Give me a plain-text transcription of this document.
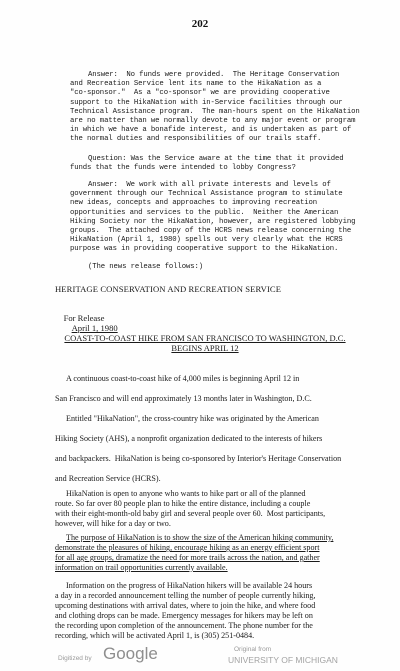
202
Answer:  No funds were provided.  The Heritage Conservation
and Recreation Service lent its name to the HikaNation as a
"co-sponsor."  As a "co-sponsor" we are providing cooperative
support to the HikaNation with in-Service facilities through our
Technical Assistance program.  The man-hours spent on the HikaNation
are no matter than we normally devote to any major event or program
in which we have a bonafide interest, and is undertaken as part of
the normal duties and responsibilities of our trails staff.
Question: Was the Service aware at the time that it provided
funds that the funds were intended to lobby Congress?
Answer:  We work with all private interests and levels of
government through our Technical Assistance program to stimulate
new ideas, concepts and approaches to improving recreation
opportunities and services to the public.  Neither the American
Hiking Society nor the HikaNation, however, are registered lobbying
groups.  The attached copy of the HCRS news release concerning the
HikaNation (April 1, 1980) spells out very clearly what the HCRS
purpose was in providing cooperative support to the HikaNation.
(The news release follows:)
HERITAGE CONSERVATION AND RECREATION SERVICE

For Release
April 1, 1980

COAST-TO-COAST HIKE FROM SAN FRANCISCO TO WASHINGTON, D.C.
BEGINS APRIL 12
A continuous coast-to-coast hike of 4,000 miles is beginning April 12 in
San Francisco and will end approximately 13 months later in Washington, D.C.
Entitled "HikaNation", the cross-country hike was originated by the American
Hiking Society (AHS), a nonprofit organization dedicated to the interests of hikers
and backpackers.  HikaNation is being co-sponsored by Interior's Heritage Conservation
and Recreation Service (HCRS).
HikaNation is open to anyone who wants to hike part or all of the planned
route. So far over 80 people plan to hike the entire distance, including a couple
with their eight-month-old baby girl and several people over 60.  Most participants,
however, will hike for a day or two.
The purpose of HikaNation is to show the size of the American hiking community,
demonstrate the pleasures of hiking, encourage hiking as an energy efficient sport
for all age groups, dramatize the need for more trails across the nation, and gather
information on trail opportunities currently available.
Information on the progress of HikaNation hikers will be available 24 hours
a day in a recorded announcement telling the number of people currently hiking,
upcoming destinations with arrival dates, where to join the hike, and where food
and clothing drops can be made. Emergency messages for hikers may be left on
the recording upon completion of the announcement. The phone number for the
recording, which will be activated April 1, is (305) 251-0484.
Digitized by Google	Original from
UNIVERSITY OF MICHIGAN
